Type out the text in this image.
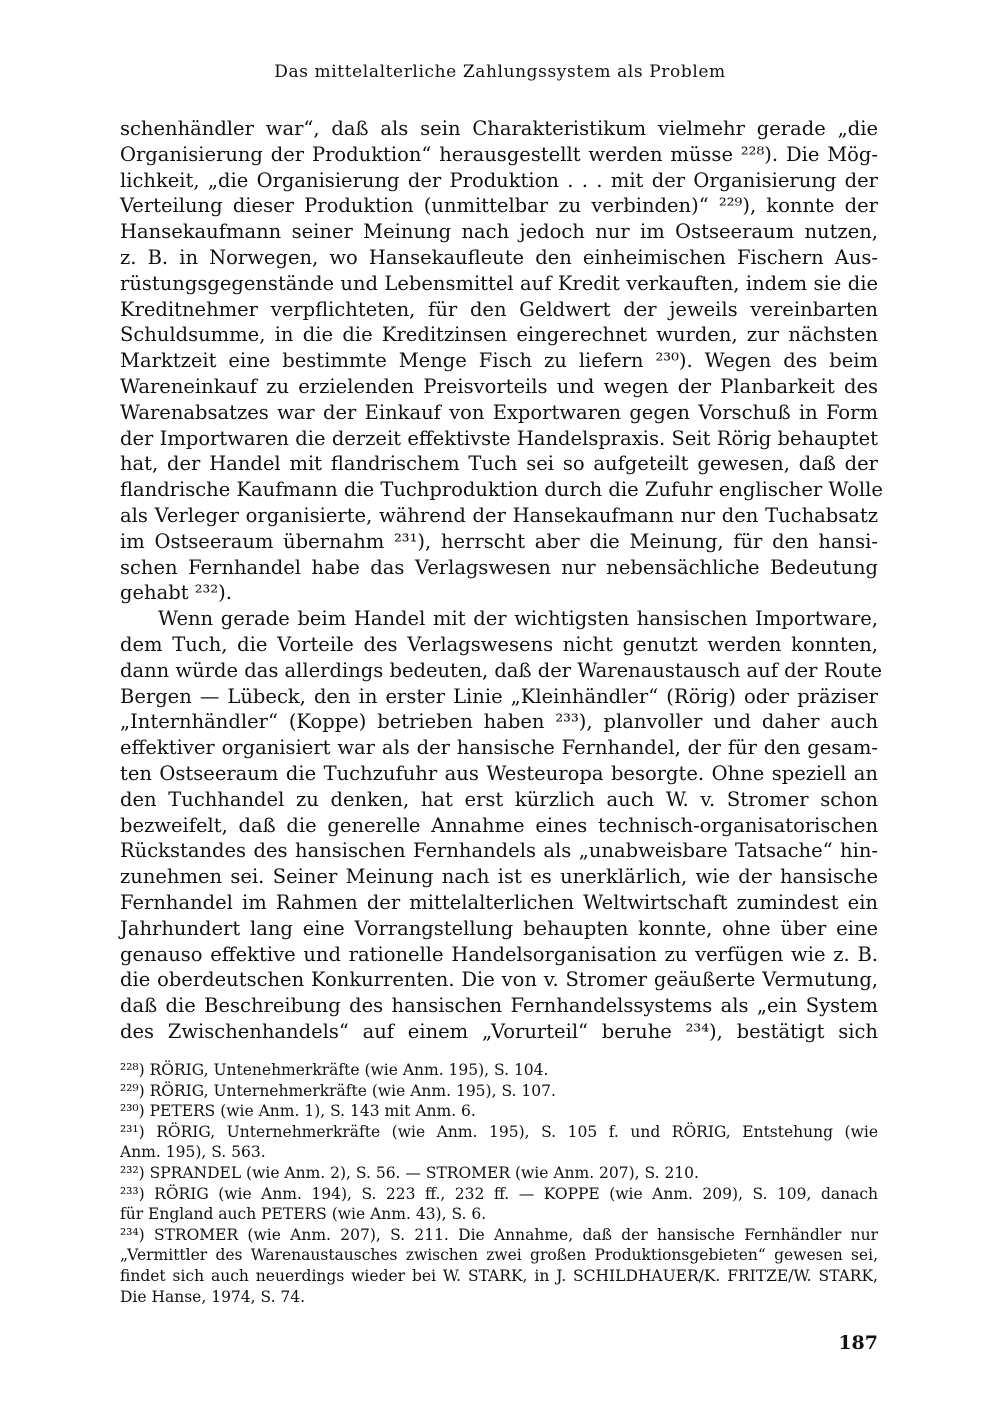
Das mittelalterliche Zahlungssystem als Problem
schenhändler war“, daß als sein Charakteristikum vielmehr gerade „die
Organisierung der Produktion“ herausgestellt werden müsse ²²⁸). Die Mög-
lichkeit, „die Organisierung der Produktion . . . mit der Organisierung der
Verteilung dieser Produktion (unmittelbar zu verbinden)“ ²²⁹), konnte der
Hansekaufmann seiner Meinung nach jedoch nur im Ostseeraum nutzen,
z. B. in Norwegen, wo Hansekaufleute den einheimischen Fischern Aus-
rüstungsgegenstände und Lebensmittel auf Kredit verkauften, indem sie die
Kreditnehmer verpflichteten, für den Geldwert der jeweils vereinbarten
Schuldsumme, in die die Kreditzinsen eingerechnet wurden, zur nächsten
Marktzeit eine bestimmte Menge Fisch zu liefern ²³⁰). Wegen des beim
Wareneinkauf zu erzielenden Preisvorteils und wegen der Planbarkeit des
Warenabsatzes war der Einkauf von Exportwaren gegen Vorschuß in Form
der Importwaren die derzeit effektivste Handelspraxis. Seit Rörig behauptet
hat, der Handel mit flandrischem Tuch sei so aufgeteilt gewesen, daß der
flandrische Kaufmann die Tuchproduktion durch die Zufuhr englischer Wolle
als Verleger organisierte, während der Hansekaufmann nur den Tuchabsatz
im Ostseeraum übernahm ²³¹), herrscht aber die Meinung, für den hansi-
schen Fernhandel habe das Verlagswesen nur nebensächliche Bedeutung
gehabt ²³²).
Wenn gerade beim Handel mit der wichtigsten hansischen Importware,
dem Tuch, die Vorteile des Verlagswesens nicht genutzt werden konnten,
dann würde das allerdings bedeuten, daß der Warenaustausch auf der Route
Bergen — Lübeck, den in erster Linie „Kleinhändler“ (Rörig) oder präziser
„Internhändler“ (Koppe) betrieben haben ²³³), planvoller und daher auch
effektiver organisiert war als der hansische Fernhandel, der für den gesam-
ten Ostseeraum die Tuchzufuhr aus Westeuropa besorgte. Ohne speziell an
den Tuchhandel zu denken, hat erst kürzlich auch W. v. Stromer schon
bezweifelt, daß die generelle Annahme eines technisch-organisatorischen
Rückstandes des hansischen Fernhandels als „unabweisbare Tatsache“ hin-
zunehmen sei. Seiner Meinung nach ist es unerklärlich, wie der hansische
Fernhandel im Rahmen der mittelalterlichen Weltwirtschaft zumindest ein
Jahrhundert lang eine Vorrangstellung behaupten konnte, ohne über eine
genauso effektive und rationelle Handelsorganisation zu verfügen wie z. B.
die oberdeutschen Konkurrenten. Die von v. Stromer geäußerte Vermutung,
daß die Beschreibung des hansischen Fernhandelssystems als „ein System
des Zwischenhandels“ auf einem „Vorurteil“ beruhe ²³⁴), bestätigt sich
²²⁸) RÖRIG, Untenehmerkräfte (wie Anm. 195), S. 104.
²²⁹) RÖRIG, Unternehmerkräfte (wie Anm. 195), S. 107.
²³⁰) PETERS (wie Anm. 1), S. 143 mit Anm. 6.
²³¹) RÖRIG, Unternehmerkräfte (wie Anm. 195), S. 105 f. und RÖRIG, Entstehung (wie
Anm. 195), S. 563.
²³²) SPRANDEL (wie Anm. 2), S. 56. — STROMER (wie Anm. 207), S. 210.
²³³) RÖRIG (wie Anm. 194), S. 223 ff., 232 ff. — KOPPE (wie Anm. 209), S. 109, danach
für England auch PETERS (wie Anm. 43), S. 6.
²³⁴) STROMER (wie Anm. 207), S. 211. Die Annahme, daß der hansische Fernhändler nur
„Vermittler des Warenaustausches zwischen zwei großen Produktionsgebieten“ gewesen sei,
findet sich auch neuerdings wieder bei W. STARK, in J. SCHILDHAUER/K. FRITZE/W. STARK,
Die Hanse, 1974, S. 74.
187
